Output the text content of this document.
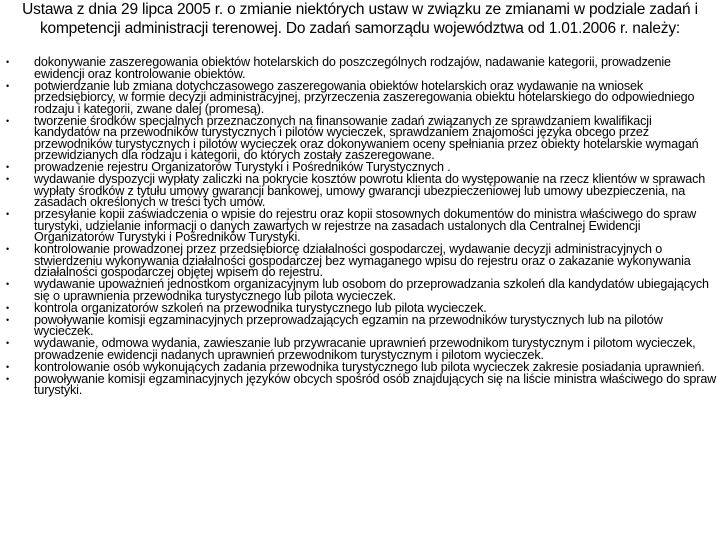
Ustawa z dnia 29 lipca 2005 r. o zmianie niektórych ustaw w związku ze zmianami w podziale zadań i kompetencji administracji terenowej. Do zadań samorządu województwa od 1.01.2006 r. należy:
• dokonywanie zaszeregowania obiektów hotelarskich do poszczególnych rodzajów, nadawanie kategorii, prowadzenie ewidencji oraz kontrolowanie obiektów.
• potwierdzanie lub zmiana dotychczasowego zaszeregowania obiektów hotelarskich oraz wydawanie na wniosek przedsiębiorcy, w formie decyzji administracyjnej, przyrzeczenia zaszeregowania obiektu hotelarskiego do odpowiedniego rodzaju i kategorii, zwane dalej (promesą).
• tworzenie środków specjalnych przeznaczonych na finansowanie zadań związanych ze sprawdzaniem kwalifikacji kandydatów na przewodników turystycznych i pilotów wycieczek, sprawdzaniem znajomości języka obcego przez przewodników turystycznych i pilotów wycieczek oraz dokonywaniem oceny spełniania przez obiekty hotelarskie wymagań przewidzianych dla rodzaju i kategorii, do których zostały zaszeregowane.
• prowadzenie rejestru Organizatorów Turystyki i Pośredników Turystycznych .
• wydawanie dyspozycji wypłaty zaliczki na pokrycie kosztów powrotu klienta do występowanie na rzecz klientów w sprawach wypłaty środków z tytułu umowy gwarancji bankowej, umowy gwarancji ubezpieczeniowej lub umowy ubezpieczenia, na zasadach określonych w treści tych umów.
• przesyłanie kopii zaświadczenia o wpisie do rejestru oraz kopii stosownych dokumentów do ministra właściwego do spraw turystyki, udzielanie informacji o danych zawartych w rejestrze na zasadach ustalonych dla Centralnej Ewidencji Organizatorów Turystyki i Pośredników Turystyki.
• kontrolowanie prowadzonej przez przedsiębiorcę działalności gospodarczej, wydawanie decyzji administracyjnych o stwierdzeniu wykonywania działalności gospodarczej bez wymaganego wpisu do rejestru oraz o zakazanie wykonywania działalności gospodarczej objętej wpisem do rejestru.
• wydawanie upoważnień jednostkom organizacyjnym lub osobom do przeprowadzania szkoleń dla kandydatów ubiegających się o uprawnienia przewodnika turystycznego lub pilota wycieczek.
• kontrola organizatorów szkoleń na przewodnika turystycznego lub pilota wycieczek.
• powoływanie komisji egzaminacyjnych przeprowadzających egzamin na przewodników turystycznych lub na pilotów wycieczek.
• wydawanie, odmowa wydania, zawieszanie lub przywracanie uprawnień przewodnikom turystycznym i pilotom wycieczek, prowadzenie ewidencji nadanych uprawnień przewodnikom turystycznym i pilotom wycieczek.
• kontrolowanie osób wykonujących zadania przewodnika turystycznego lub pilota wycieczek zakresie posiadania uprawnień.
• powoływanie komisji egzaminacyjnych języków obcych spośród osób znajdujących się na liście ministra właściwego do spraw turystyki.
